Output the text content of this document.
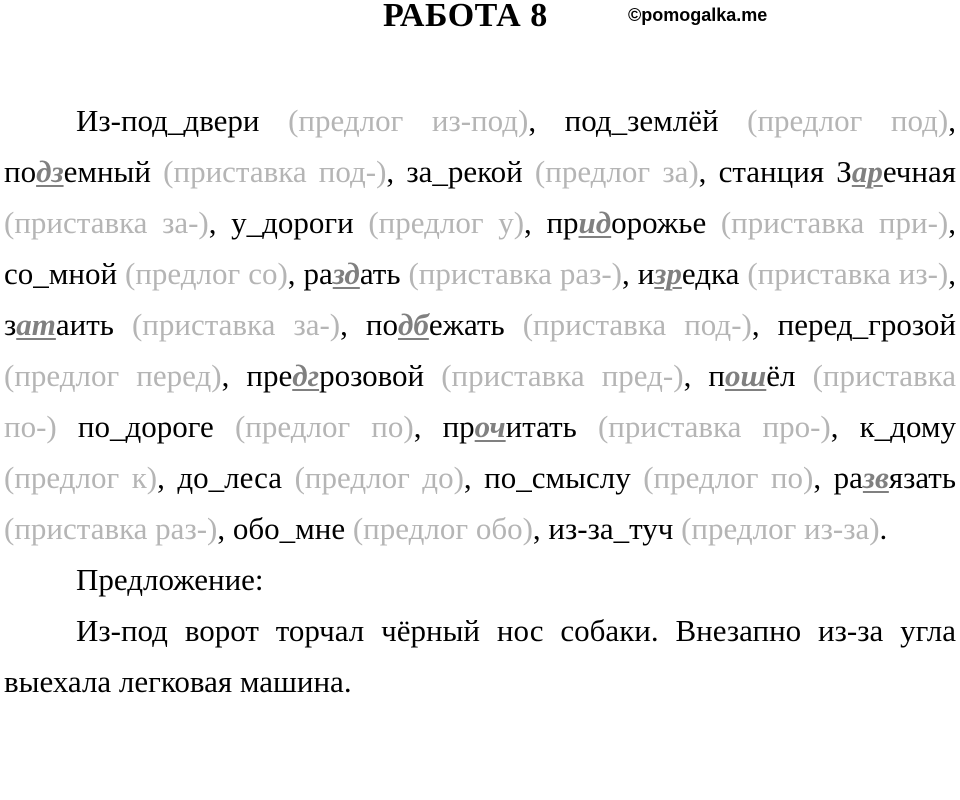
РАБОТА 8	©pomogalka.me

Из-под_двери (предлог из-под), под_землёй (предлог под), подземный (приставка под-), за_рекой (предлог за), станция Заречная (приставка за-), у_дороги (предлог у), придорожье (приставка при-), со_мной (предлог со), раздать (приставка раз-), изредка (приставка из-), затаить (приставка за-), подбежать (приставка под-), перед_грозой (предлог перед), предгрозовой (приставка пред-), пошёл (приставка по-) по_дороге (предлог по), прочитать (приставка про-), к_дому (предлог к), до_леса (предлог до), по_смыслу (предлог по), развязать (приставка раз-), обо_мне (предлог обо), из-за_туч (предлог из-за).

Предложение:

Из-под ворот торчал чёрный нос собаки. Внезапно из-за угла выехала легковая машина.
